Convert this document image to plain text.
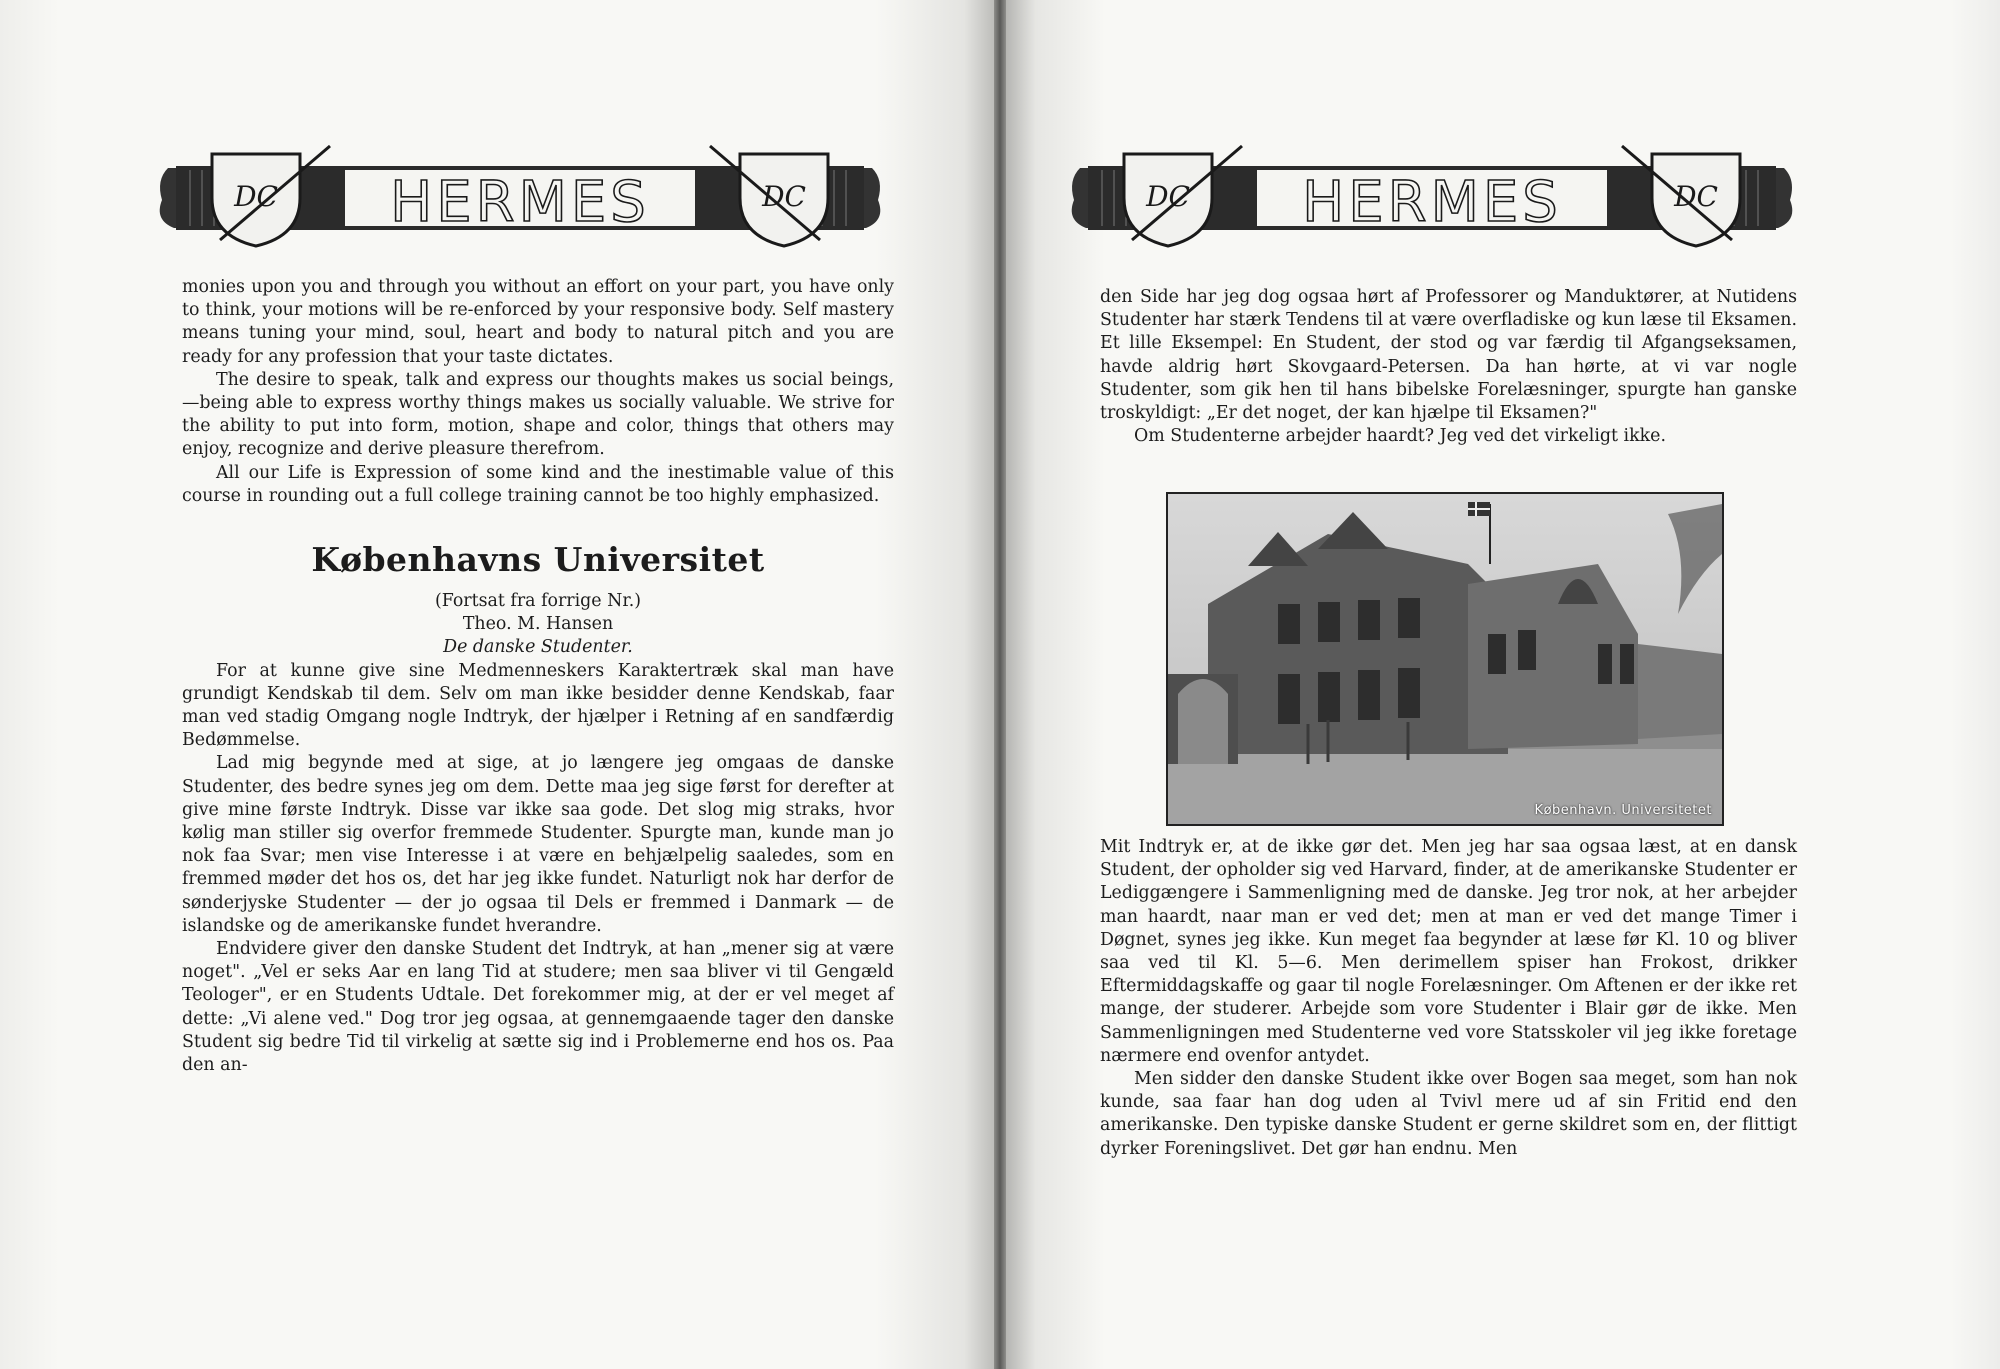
HERMES
DC	DC	HERMES
DC	DC

monies upon you and through you without an effort on your part, you have only to think, your motions will be re-enforced by your responsive body. Self mastery means tuning your mind, soul, heart and body to natural pitch and you are ready for any profession that your taste dictates.

The desire to speak, talk and express our thoughts makes us social beings,—being able to express worthy things makes us socially valuable. We strive for the ability to put into form, motion, shape and color, things that others may enjoy, recognize and derive pleasure therefrom.

All our Life is Expression of some kind and the inestimable value of this course in rounding out a full college training cannot be too highly emphasized.

Københavns Universitet

(Fortsat fra forrige Nr.)

Theo. M. Hansen

De danske Studenter.

For at kunne give sine Medmenneskers Karaktertræk skal man have grundigt Kendskab til dem. Selv om man ikke besidder denne Kendskab, faar man ved stadig Omgang nogle Indtryk, der hjælper i Retning af en sandfærdig Bedømmelse.

Lad mig begynde med at sige, at jo længere jeg omgaas de danske Studenter, des bedre synes jeg om dem. Dette maa jeg sige først for derefter at give mine første Indtryk. Disse var ikke saa gode. Det slog mig straks, hvor kølig man stiller sig overfor fremmede Studenter. Spurgte man, kunde man jo nok faa Svar; men vise Interesse i at være en behjælpelig saaledes, som en fremmed møder det hos os, det har jeg ikke fundet. Naturligt nok har derfor de sønderjyske Studenter — der jo ogsaa til Dels er fremmed i Danmark — de islandske og de amerikanske fundet hverandre.

Endvidere giver den danske Student det Indtryk, at han „mener sig at være noget". „Vel er seks Aar en lang Tid at studere; men saa bliver vi til Gengæld Teologer", er en Students Udtale. Det forekommer mig, at der er vel meget af dette: „Vi alene ved." Dog tror jeg ogsaa, at gennemgaaende tager den danske Student sig bedre Tid til virkelig at sætte sig ind i Problemerne end hos os. Paa den an-

den Side har jeg dog ogsaa hørt af Professorer og Manduktører, at Nutidens Studenter har stærk Tendens til at være overfladiske og kun læse til Eksamen. Et lille Eksempel: En Student, der stod og var færdig til Afgangseksamen, havde aldrig hørt Skovgaard-Petersen. Da han hørte, at vi var nogle Studenter, som gik hen til hans bibelske Forelæsninger, spurgte han ganske troskyldigt: „Er det noget, der kan hjælpe til Eksamen?"

Om Studenterne arbejder haardt? Jeg ved det virkeligt ikke.

København. Universitetet

Mit Indtryk er, at de ikke gør det. Men jeg har saa ogsaa læst, at en dansk Student, der opholder sig ved Harvard, finder, at de amerikanske Studenter er Lediggængere i Sammenligning med de danske. Jeg tror nok, at her arbejder man haardt, naar man er ved det; men at man er ved det mange Timer i Døgnet, synes jeg ikke. Kun meget faa begynder at læse før Kl. 10 og bliver saa ved til Kl. 5—6. Men derimellem spiser han Frokost, drikker Eftermiddagskaffe og gaar til nogle Forelæsninger. Om Aftenen er der ikke ret mange, der studerer. Arbejde som vore Studenter i Blair gør de ikke. Men Sammenligningen med Studenterne ved vore Statsskoler vil jeg ikke foretage nærmere end ovenfor antydet.

Men sidder den danske Student ikke over Bogen saa meget, som han nok kunde, saa faar han dog uden al Tvivl mere ud af sin Fritid end den amerikanske. Den typiske danske Student er gerne skildret som en, der flittigt dyrker Foreningslivet. Det gør han endnu. Men
